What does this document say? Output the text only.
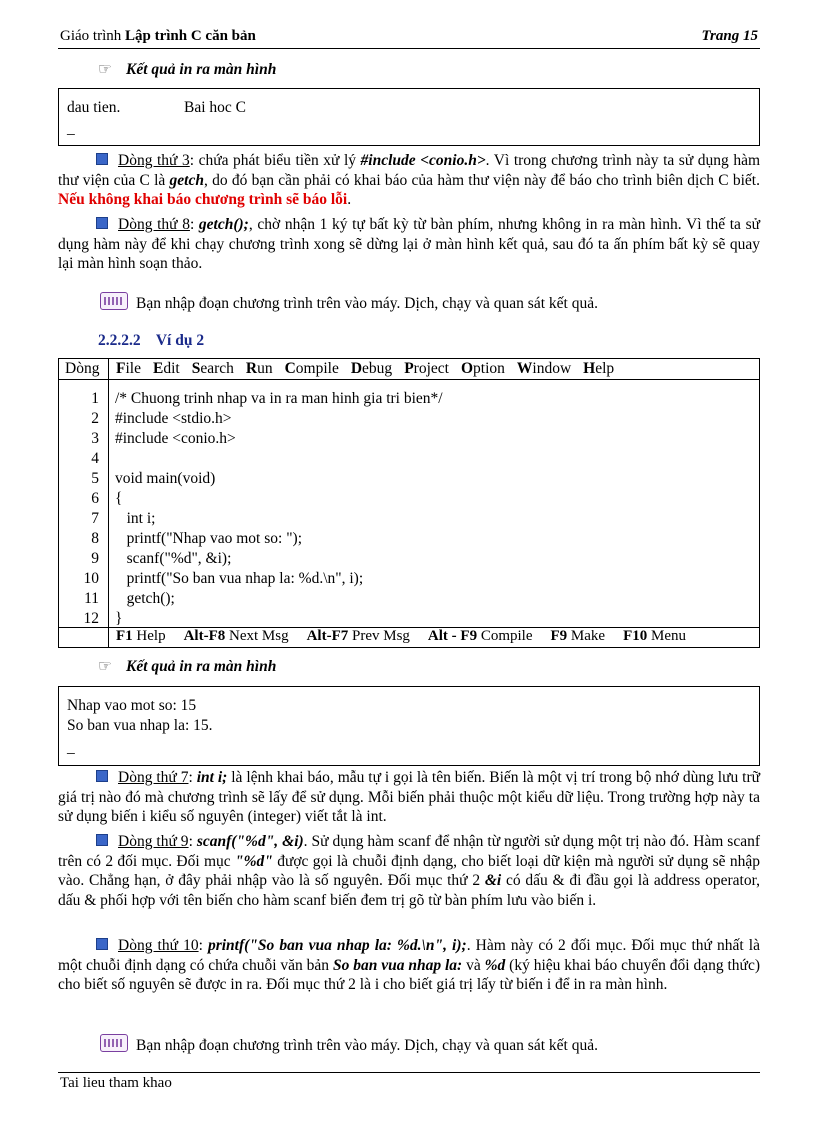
Giáo trình Lập trình C căn bản	Trang 15
☞ Kết quả in ra màn hình
dau tien.	Bai hoc C
_
Dòng thứ 3: chứa phát biểu tiền xử lý #include <conio.h>. Vì trong chương trình này ta sử dụng hàm thư viện của C là getch, do đó bạn cần phải có khai báo của hàm thư viện này để báo cho trình biên dịch C biết. Nếu không khai báo chương trình sẽ báo lỗi.
Dòng thứ 8: getch();, chờ nhận 1 ký tự bất kỳ từ bàn phím, nhưng không in ra màn hình. Vì thế ta sử dụng hàm này để khi chạy chương trình xong sẽ dừng lại ở màn hình kết quả, sau đó ta ấn phím bất kỳ sẽ quay lại màn hình soạn thảo.
Bạn nhập đoạn chương trình trên vào máy. Dịch, chạy và quan sát kết quả.
2.2.2.2    Ví dụ 2
Dòng File Edit Search Run Compile Debug Project Option Window Help
1 /* Chuong trinh nhap va in ra man hinh gia tri bien*/
2 #include <stdio.h>
3 #include <conio.h>
4
5 void main(void)
6 {
7 int i;
8 printf("Nhap vao mot so: ");
9 scanf("%d", &i);
10 printf("So ban vua nhap la: %d.\n", i);
11 getch();
12 }
F1 Help Alt-F8 Next Msg Alt-F7 Prev Msg Alt - F9 Compile F9 Make F10 Menu
☞ Kết quả in ra màn hình
Nhap vao mot so: 15
So ban vua nhap la: 15.
_
Dòng thứ 7: int i; là lệnh khai báo, mẫu tự i gọi là tên biến. Biến là một vị trí trong bộ nhớ dùng lưu trữ giá trị nào đó mà chương trình sẽ lấy để sử dụng. Mỗi biến phải thuộc một kiểu dữ liệu. Trong trường hợp này ta sử dụng biến i kiểu số nguyên (integer) viết tắt là int.
Dòng thứ 9: scanf("%d", &i). Sử dụng hàm scanf để nhận từ người sử dụng một trị nào đó. Hàm scanf trên có 2 đối mục. Đối mục "%d" được gọi là chuỗi định dạng, cho biết loại dữ kiện mà người sử dụng sẽ nhập vào. Chẳng hạn, ở đây phải nhập vào là số nguyên. Đối mục thứ 2 &i có dấu & đi đầu gọi là address operator, dấu & phối hợp với tên biến cho hàm scanf biến đem trị gõ từ bàn phím lưu vào biến i.
Dòng thứ 10: printf("So ban vua nhap la: %d.\n", i);. Hàm này có 2 đối mục. Đối mục thứ nhất là một chuỗi định dạng có chứa chuỗi văn bản So ban vua nhap la: và %d (ký hiệu khai báo chuyển đổi dạng thức) cho biết số nguyên sẽ được in ra. Đối mục thứ 2 là i cho biết giá trị lấy từ biến i để in ra màn hình.
Bạn nhập đoạn chương trình trên vào máy. Dịch, chạy và quan sát kết quả.
Tai lieu tham khao
